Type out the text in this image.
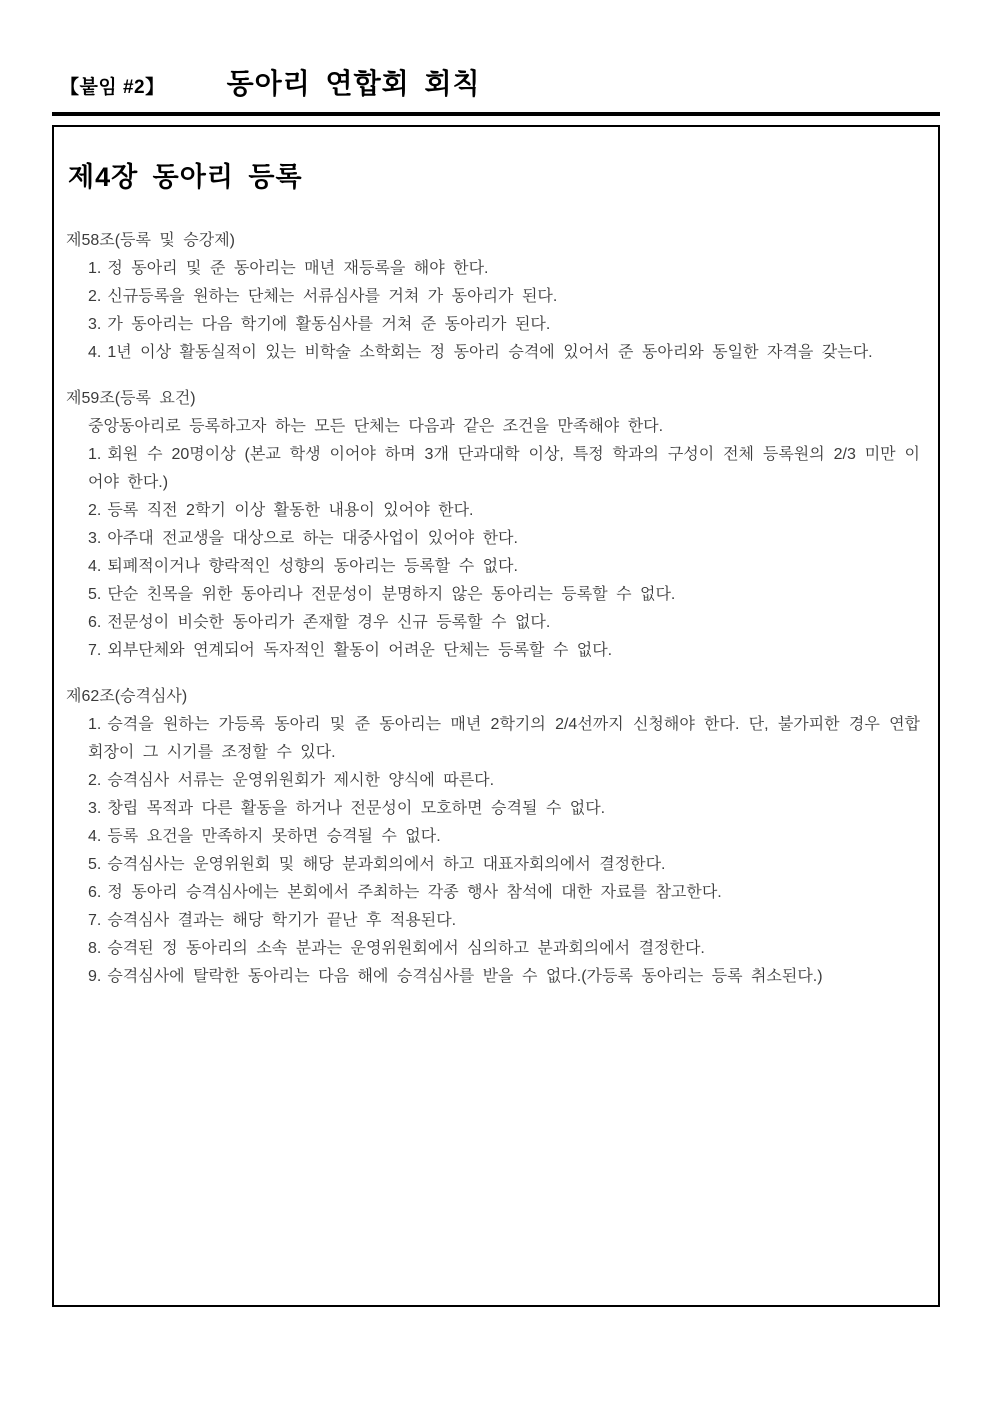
【붙임 #2】 동아리 연합회 회칙
제4장 동아리 등록
제58조(등록 및 승강제)
1. 정 동아리 및 준 동아리는 매년 재등록을 해야 한다.
2. 신규등록을 원하는 단체는 서류심사를 거쳐 가 동아리가 된다.
3. 가 동아리는 다음 학기에 활동심사를 거쳐 준 동아리가 된다.
4. 1년 이상 활동실적이 있는 비학술 소학회는 정 동아리 승격에 있어서 준 동아리와 동일한 자격을 갖는다.
제59조(등록 요건)
중앙동아리로 등록하고자 하는 모든 단체는 다음과 같은 조건을 만족해야 한다.
1. 회원 수 20명이상 (본교 학생 이어야 하며 3개 단과대학 이상, 특정 학과의 구성이 전체 등록원의 2/3 미만 이어야 한다.)
2. 등록 직전 2학기 이상 활동한 내용이 있어야 한다.
3. 아주대 전교생을 대상으로 하는 대중사업이 있어야 한다.
4. 퇴폐적이거나 향락적인 성향의 동아리는 등록할 수 없다.
5. 단순 친목을 위한 동아리나 전문성이 분명하지 않은 동아리는 등록할 수 없다.
6. 전문성이 비슷한 동아리가 존재할 경우 신규 등록할 수 없다.
7. 외부단체와 연계되어 독자적인 활동이 어려운 단체는 등록할 수 없다.
제62조(승격심사)
1. 승격을 원하는 가등록 동아리 및 준 동아리는 매년 2학기의 2/4선까지 신청해야 한다. 단, 불가피한 경우 연합회장이 그 시기를 조정할 수 있다.
2. 승격심사 서류는 운영위원회가 제시한 양식에 따른다.
3. 창립 목적과 다른 활동을 하거나 전문성이 모호하면 승격될 수 없다.
4. 등록 요건을 만족하지 못하면 승격될 수 없다.
5. 승격심사는 운영위원회 및 해당 분과회의에서 하고 대표자회의에서 결정한다.
6. 정 동아리 승격심사에는 본회에서 주최하는 각종 행사 참석에 대한 자료를 참고한다.
7. 승격심사 결과는 해당 학기가 끝난 후 적용된다.
8. 승격된 정 동아리의 소속 분과는 운영위원회에서 심의하고 분과회의에서 결정한다.
9. 승격심사에 탈락한 동아리는 다음 해에 승격심사를 받을 수 없다.(가등록 동아리는 등록 취소된다.)
